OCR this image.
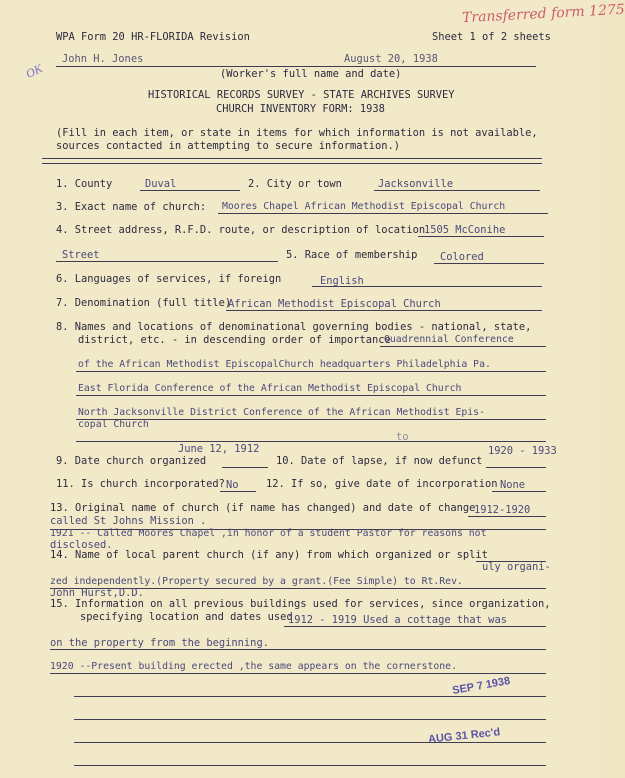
WPA Form 20 HR-FLORIDA Revision	Sheet 1 of 2 sheets
Transferred form 1275
OK
John H. Jones	August 20, 1938
(Worker's full name and date)
HISTORICAL RECORDS SURVEY - STATE ARCHIVES SURVEY
CHURCH INVENTORY FORM: 1938
(Fill in each item, or state in items for which information is not available,
sources contacted in attempting to secure information.)
1. County	Duval	2. City or town	Jacksonville
3. Exact name of church: Moores Chapel African Methodist Episcopal Church
4. Street address, R.F.D. route, or description of location
1505 McConihe
Street	5. Race of membership Colored
6. Languages of services, if foreign	English
7. Denomination (full title)
African Methodist Episcopal Church
8. Names and locations of denominational governing bodies - national, state,
district, etc. - in descending order of importance
Quadrennial Conference
of the African Methodist EpiscopalChurch headquarters Philadelphia Pa.
East Florida Conference of the African Methodist Episcopal Church
North Jacksonville District Conference of the African Methodist Epis-
copal Church
to
June 12, 1912
9. Date church organized	10. Date of lapse, if now defunct
1920 - 1933
11. Is church incorporated? No	12. If so, give date of incorporation None
13. Original name of church (if name has changed) and date of change
1912-1920
called St Johns Mission .
1921 -- Called Moores Chapel ,in honor of a student Pastor for reasons not
disclosed.
14. Name of local parent church (if any) from which organized or split
uly organi-
zed independently.(Property secured by a grant.(Fee Simple) to Rt.Rev.
John Hurst,D.D.
15. Information on all previous buildings used for services, since organization,
specifying location and dates used
1912 - 1919 Used a cottage that was
on the property from the beginning.
1920 --Present building erected ,the same appears on the cornerstone.
SEP 7 1938
AUG 31 Rec'd
